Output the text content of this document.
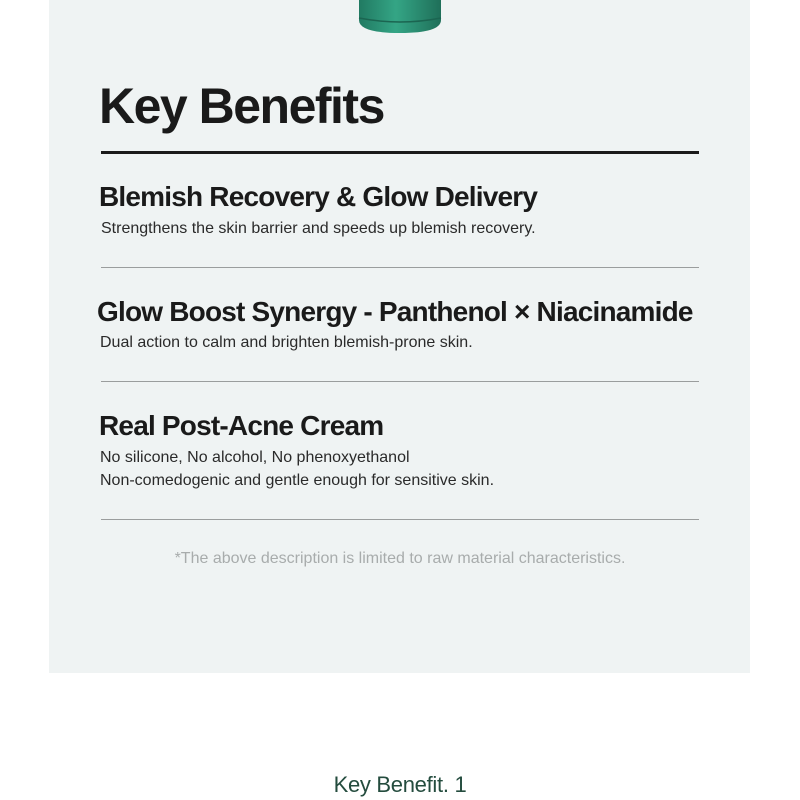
Key Benefits
Blemish Recovery & Glow Delivery

Strengthens the skin barrier and speeds up blemish recovery.

Glow Boost Synergy - Panthenol × Niacinamide

Dual action to calm and brighten blemish-prone skin.

Real Post-Acne Cream

No silicone, No alcohol, No phenoxyethanol

Non-comedogenic and gentle enough for sensitive skin.

*The above description is limited to raw material characteristics.

Key Benefit. 1
